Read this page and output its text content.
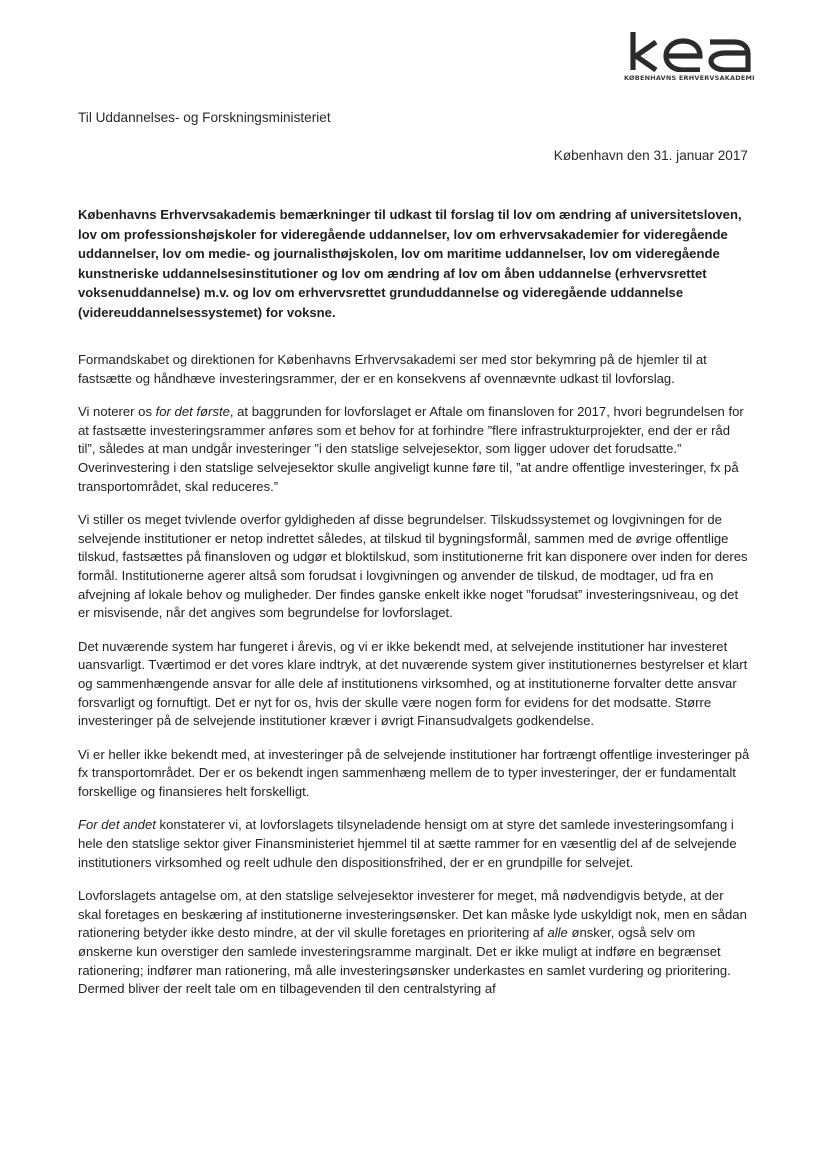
KØBENHAVNS ERHVERVSAKADEMI
Til Uddannelses- og Forskningsministeriet
København den 31. januar 2017

Københavns Erhvervsakademis bemærkninger til udkast til forslag til lov om ændring af universitetsloven, lov om professionshøjskoler for videregående uddannelser, lov om erhvervsakademier for videregående uddannelser, lov om medie- og journalisthøjskolen, lov om maritime uddannelser, lov om videregående kunstneriske uddannelsesinstitutioner og lov om ændring af lov om åben uddannelse (erhvervsrettet voksenuddannelse) m.v. og lov om erhvervsrettet grunduddannelse og videregående uddannelse (videreuddannelsessystemet) for voksne.

Formandskabet og direktionen for Københavns Erhvervsakademi ser med stor bekymring på de hjemler til at fastsætte og håndhæve investeringsrammer, der er en konsekvens af ovennævnte udkast til lovforslag.

Vi noterer os for det første, at baggrunden for lovforslaget er Aftale om finansloven for 2017, hvori begrundelsen for at fastsætte investeringsrammer anføres som et behov for at forhindre ”flere infrastrukturprojekter, end der er råd til”, således at man undgår investeringer ”i den statslige selvejesektor, som ligger udover det forudsatte.” Overinvestering i den statslige selvejesektor skulle angiveligt kunne føre til, ”at andre offentlige investeringer, fx på transportområdet, skal reduceres.”

Vi stiller os meget tvivlende overfor gyldigheden af disse begrundelser. Tilskudssystemet og lovgivningen for de selvejende institutioner er netop indrettet således, at tilskud til bygningsformål, sammen med de øvrige offentlige tilskud, fastsættes på finansloven og udgør et bloktilskud, som institutionerne frit kan disponere over inden for deres formål. Institutionerne agerer altså som forudsat i lovgivningen og anvender de tilskud, de modtager, ud fra en afvejning af lokale behov og muligheder. Der findes ganske enkelt ikke noget ”forudsat” investeringsniveau, og det er misvisende, når det angives som begrundelse for lovforslaget.

Det nuværende system har fungeret i årevis, og vi er ikke bekendt med, at selvejende institutioner har investeret uansvarligt. Tværtimod er det vores klare indtryk, at det nuværende system giver institutionernes bestyrelser et klart og sammenhængende ansvar for alle dele af institutionens virksomhed, og at institutionerne forvalter dette ansvar forsvarligt og fornuftigt. Det er nyt for os, hvis der skulle være nogen form for evidens for det modsatte. Større investeringer på de selvejende institutioner kræver i øvrigt Finansudvalgets godkendelse.

Vi er heller ikke bekendt med, at investeringer på de selvejende institutioner har fortrængt offentlige investeringer på fx transportområdet. Der er os bekendt ingen sammenhæng mellem de to typer investeringer, der er fundamentalt forskellige og finansieres helt forskelligt.

For det andet konstaterer vi, at lovforslagets tilsyneladende hensigt om at styre det samlede investeringsomfang i hele den statslige sektor giver Finansministeriet hjemmel til at sætte rammer for en væsentlig del af de selvejende institutioners virksomhed og reelt udhule den dispositionsfrihed, der er en grundpille for selvejet.

Lovforslagets antagelse om, at den statslige selvejesektor investerer for meget, må nødvendigvis betyde, at der skal foretages en beskæring af institutionerne investeringsønsker. Det kan måske lyde uskyldigt nok, men en sådan rationering betyder ikke desto mindre, at der vil skulle foretages en prioritering af alle ønsker, også selv om ønskerne kun overstiger den samlede investeringsramme marginalt. Det er ikke muligt at indføre en begrænset rationering; indfører man rationering, må alle investeringsønsker underkastes en samlet vurdering og prioritering. Dermed bliver der reelt tale om en tilbagevenden til den centralstyring af
